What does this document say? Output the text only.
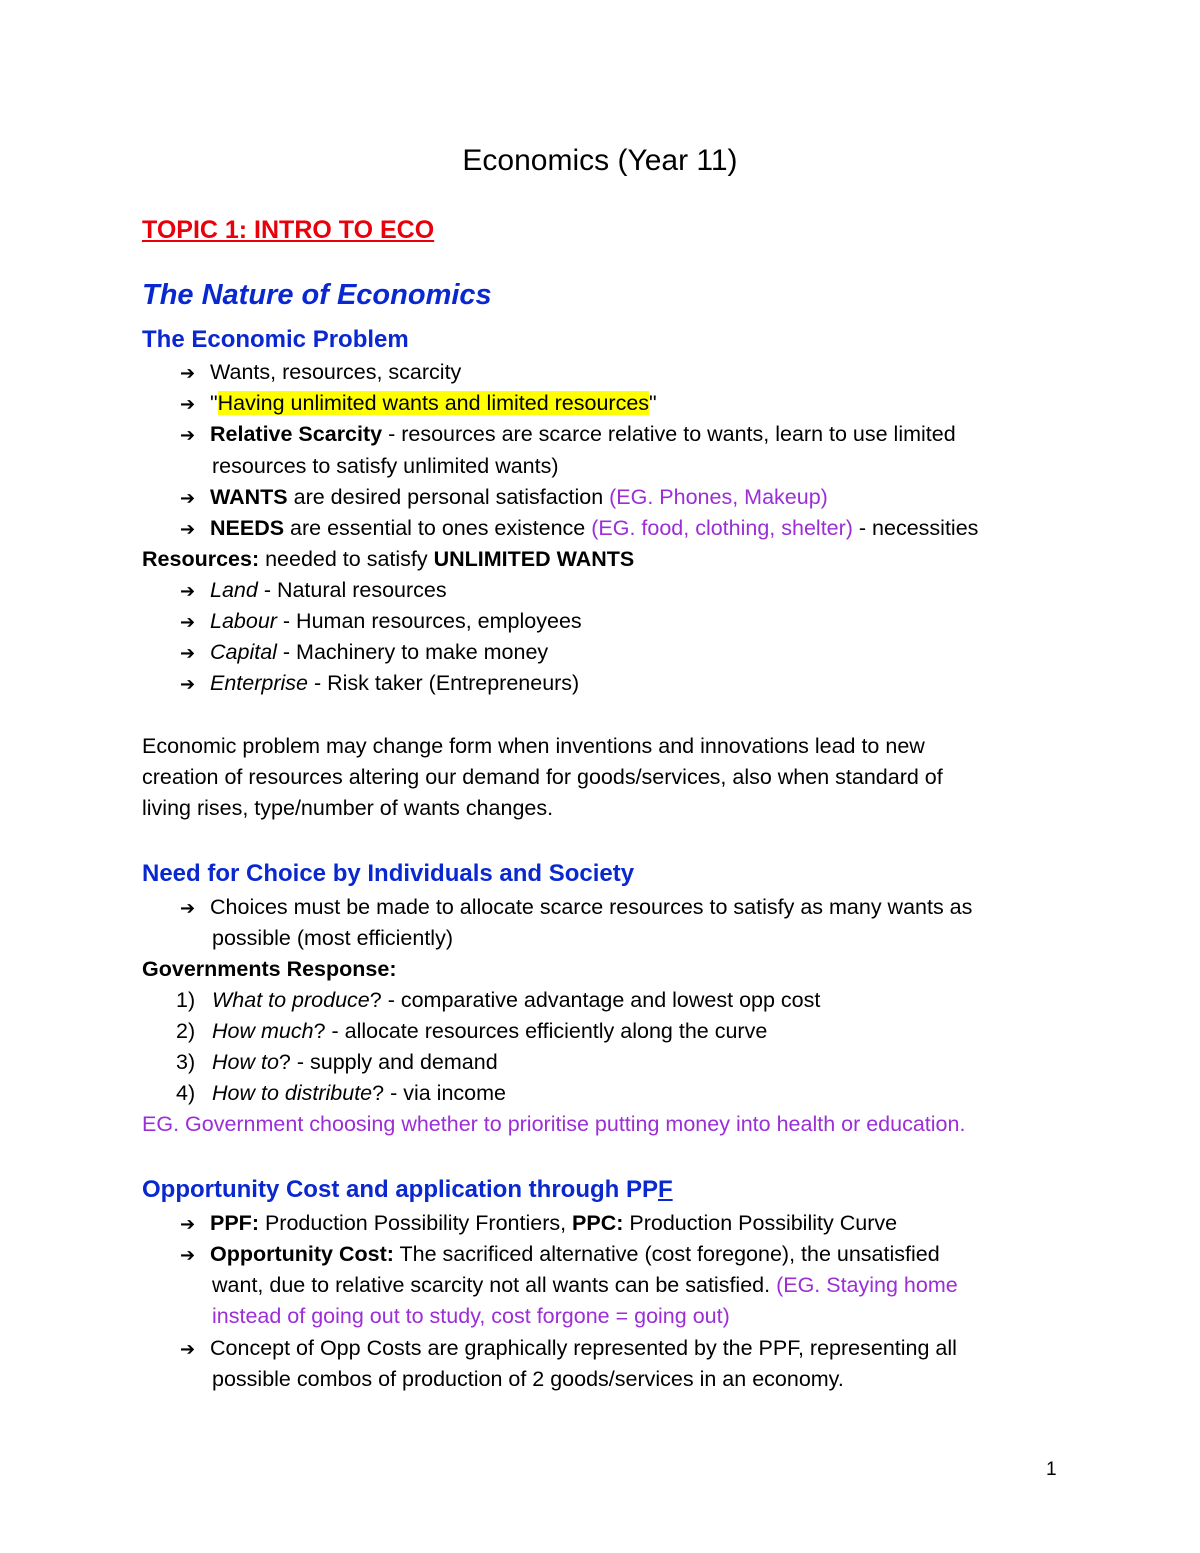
Economics (Year 11)
TOPIC 1: INTRO TO ECO
The Nature of Economics
The Economic Problem
➔ Wants, resources, scarcity
➔ "Having unlimited wants and limited resources"
➔ Relative Scarcity - resources are scarce relative to wants, learn to use limited
resources to satisfy unlimited wants)
➔ WANTS are desired personal satisfaction (EG. Phones, Makeup)
➔ NEEDS are essential to ones existence (EG. food, clothing, shelter) - necessities
Resources: needed to satisfy UNLIMITED WANTS
➔ Land - Natural resources
➔ Labour - Human resources, employees
➔ Capital - Machinery to make money
➔ Enterprise - Risk taker (Entrepreneurs)
Economic problem may change form when inventions and innovations lead to new
creation of resources altering our demand for goods/services, also when standard of
living rises, type/number of wants changes.
Need for Choice by Individuals and Society
➔ Choices must be made to allocate scarce resources to satisfy as many wants as
possible (most efficiently)
Governments Response:
1) What to produce? - comparative advantage and lowest opp cost
2) How much? - allocate resources efficiently along the curve
3) How to? - supply and demand
4) How to distribute? - via income
EG. Government choosing whether to prioritise putting money into health or education.
Opportunity Cost and application through PPF
➔ PPF: Production Possibility Frontiers, PPC: Production Possibility Curve
➔ Opportunity Cost: The sacrificed alternative (cost foregone), the unsatisfied
want, due to relative scarcity not all wants can be satisfied. (EG. Staying home
instead of going out to study, cost forgone = going out)
➔ Concept of Opp Costs are graphically represented by the PPF, representing all
possible combos of production of 2 goods/services in an economy.
1
